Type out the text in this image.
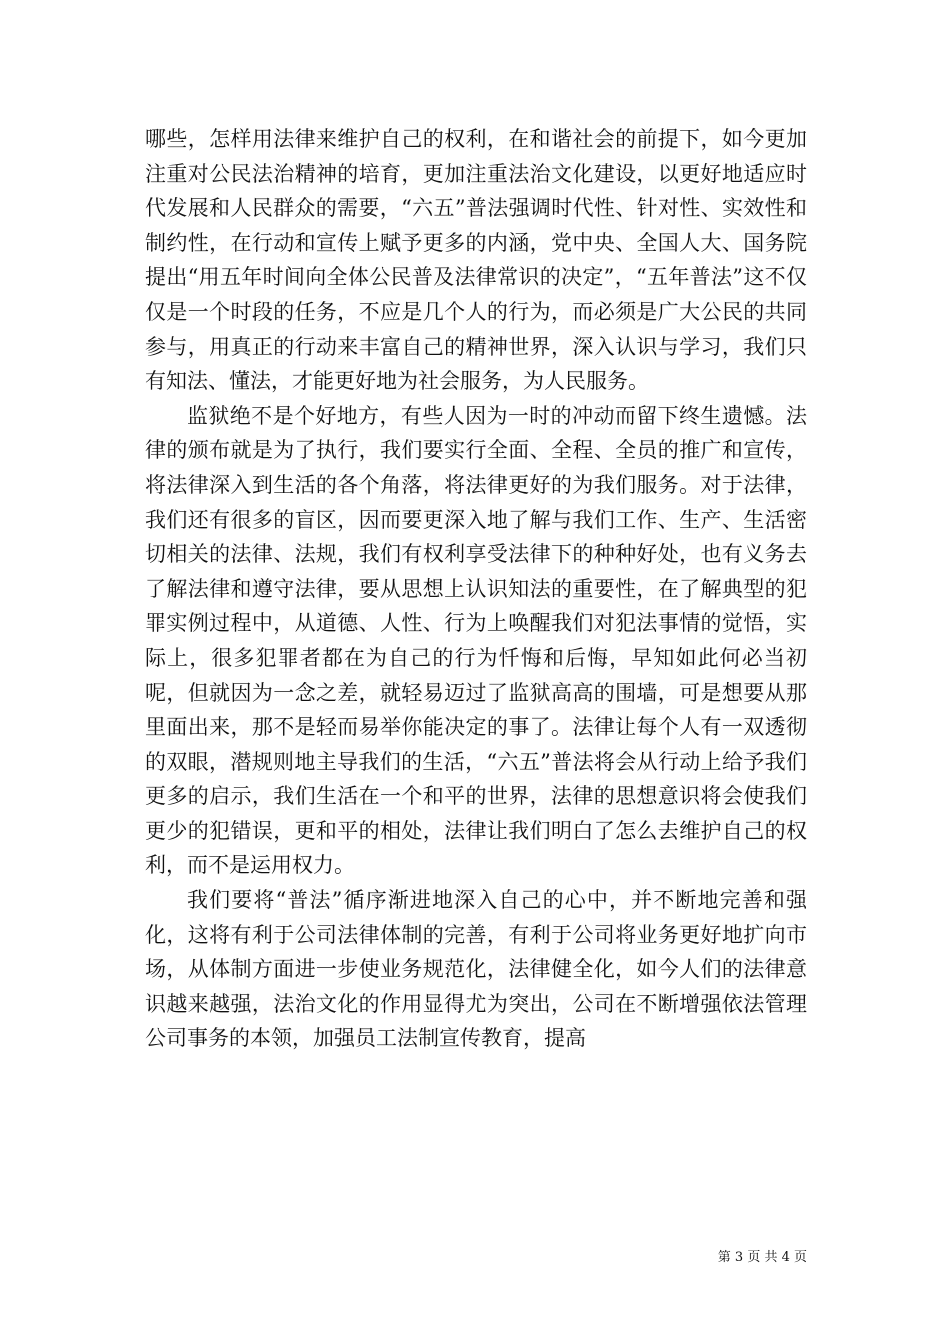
哪些，怎样用法律来维护自己的权利，在和谐社会的前提下，如今更加注重对公民法治精神的培育，更加注重法治文化建设，以更好地适应时代发展和人民群众的需要，“六五”普法强调时代性、针对性、实效性和制约性，在行动和宣传上赋予更多的内涵，党中央、全国人大、国务院提出“用五年时间向全体公民普及法律常识的决定”，“五年普法”这不仅仅是一个时段的任务，不应是几个人的行为，而必须是广大公民的共同参与，用真正的行动来丰富自己的精神世界，深入认识与学习，我们只有知法、懂法，才能更好地为社会服务，为人民服务。

监狱绝不是个好地方，有些人因为一时的冲动而留下终生遗憾。法律的颁布就是为了执行，我们要实行全面、全程、全员的推广和宣传，将法律深入到生活的各个角落，将法律更好的为我们服务。对于法律，我们还有很多的盲区，因而要更深入地了解与我们工作、生产、生活密切相关的法律、法规，我们有权利享受法律下的种种好处，也有义务去了解法律和遵守法律，要从思想上认识知法的重要性，在了解典型的犯罪实例过程中，从道德、人性、行为上唤醒我们对犯法事情的觉悟，实际上，很多犯罪者都在为自己的行为忏悔和后悔，早知如此何必当初呢，但就因为一念之差，就轻易迈过了监狱高高的围墙，可是想要从那里面出来，那不是轻而易举你能决定的事了。法律让每个人有一双透彻的双眼，潜规则地主导我们的生活，“六五”普法将会从行动上给予我们更多的启示，我们生活在一个和平的世界，法律的思想意识将会使我们更少的犯错误，更和平的相处，法律让我们明白了怎么去维护自己的权利，而不是运用权力。

我们要将“普法”循序渐进地深入自己的心中，并不断地完善和强化，这将有利于公司法律体制的完善，有利于公司将业务更好地扩向市场，从体制方面进一步使业务规范化，法律健全化，如今人们的法律意识越来越强，法治文化的作用显得尤为突出，公司在不断增强依法管理公司事务的本领，加强员工法制宣传教育，提高

第 3 页 共 4 页
